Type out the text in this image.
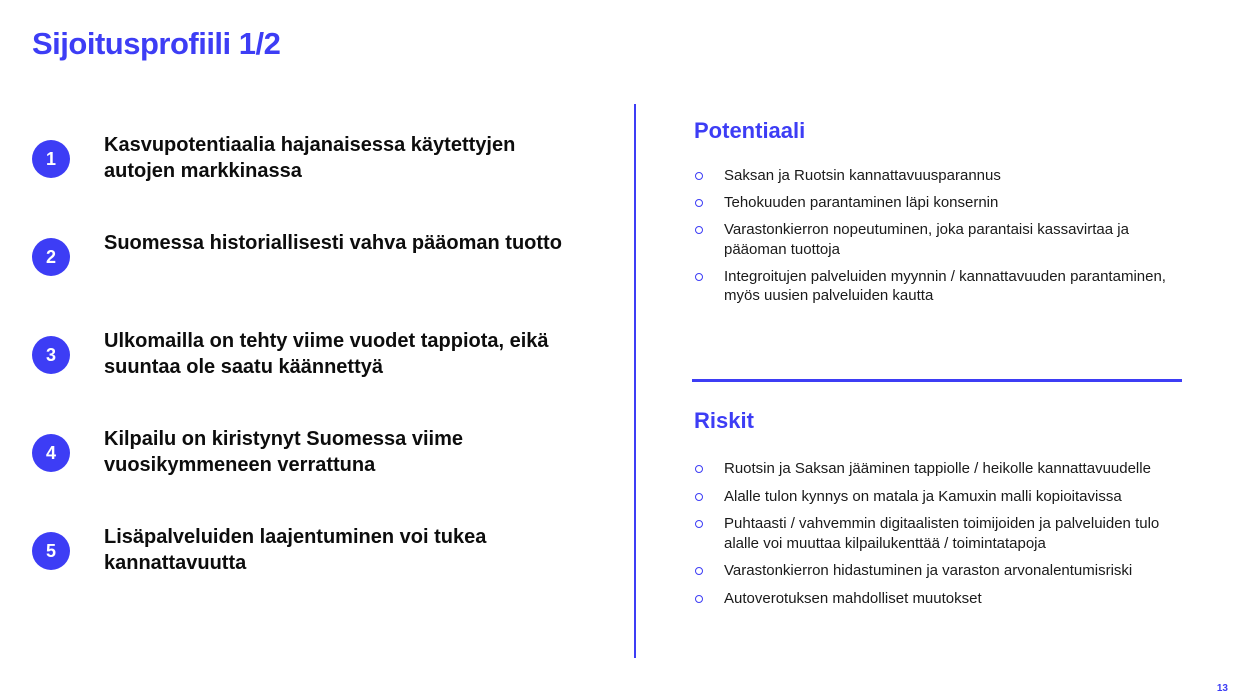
Sijoitusprofiili 1/2
1
Kasvupotentiaalia hajanaisessa käytettyjen autojen markkinassa
2
Suomessa historiallisesti vahva pääoman tuotto
3
Ulkomailla on tehty viime vuodet tappiota, eikä suuntaa ole saatu käännettyä
4
Kilpailu on kiristynyt Suomessa viime vuosikymmeneen verrattuna
5
Lisäpalveluiden laajentuminen voi tukea kannattavuutta
Potentiaali
Saksan ja Ruotsin kannattavuusparannus
Tehokuuden parantaminen läpi konsernin
Varastonkierron nopeutuminen, joka parantaisi kassavirtaa ja pääoman tuottoja
Integroitujen palveluiden myynnin / kannattavuuden parantaminen, myös uusien palveluiden kautta
Riskit
Ruotsin ja Saksan jääminen tappiolle / heikolle kannattavuudelle
Alalle tulon kynnys on matala ja Kamuxin malli kopioitavissa
Puhtaasti / vahvemmin digitaalisten toimijoiden ja palveluiden tulo alalle voi muuttaa kilpailukenttää / toimintatapoja
Varastonkierron hidastuminen ja varaston arvonalentumisriski
Autoverotuksen mahdolliset muutokset
13
